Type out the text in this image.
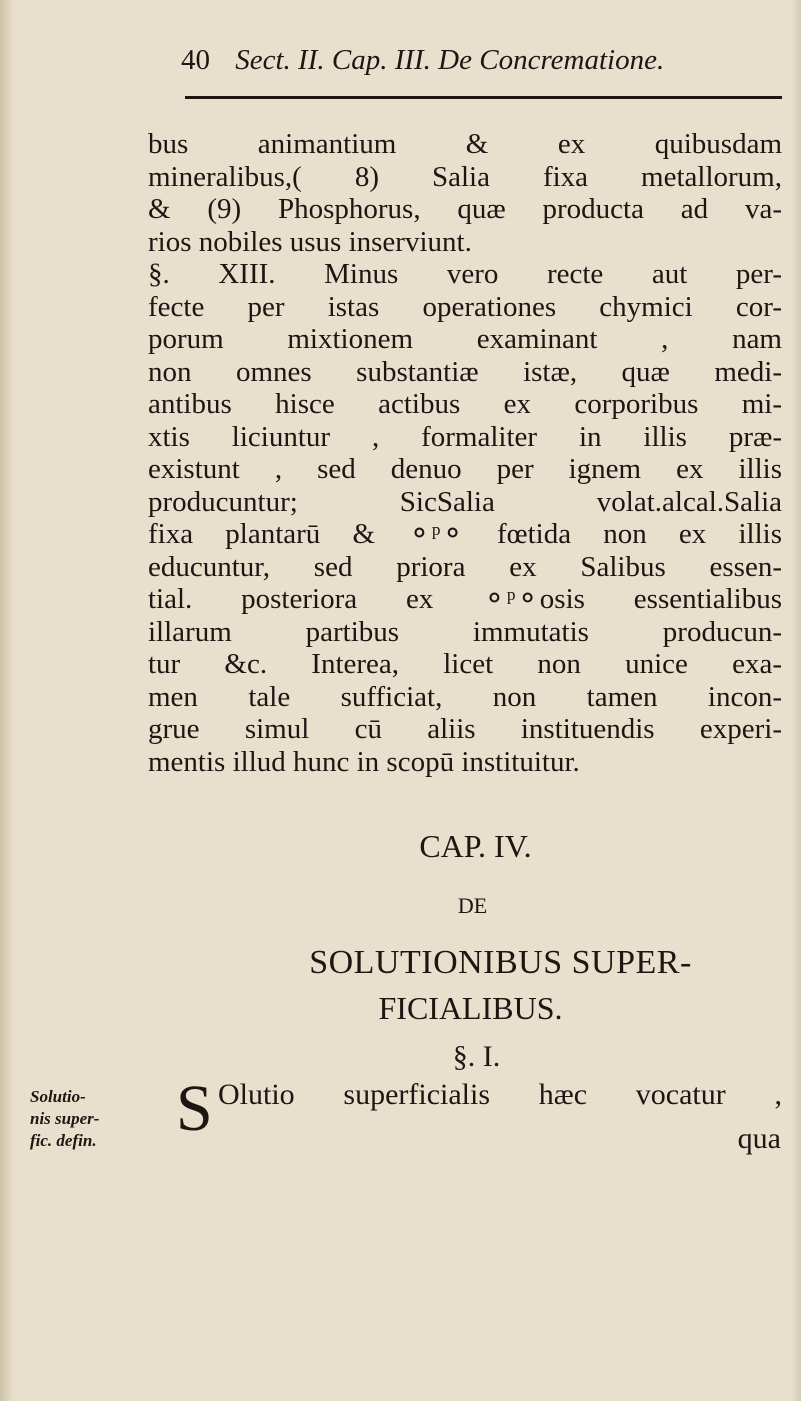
40 Sect. II. Cap. III. De Concrematione.
bus animantium & ex quibusdam
mineralibus,( 8) Salia fixa metallorum,
& (9) Phosphorus, quæ producta ad va-
rios nobiles usus inserviunt.
§. XIII. Minus vero recte aut per-
fecte per istas operationes chymici cor-
porum mixtionem examinant , nam
non omnes substantiæ istæ, quæ medi-
antibus hisce actibus ex corporibus mi-
xtis liciuntur , formaliter in illis præ-
existunt , sed denuo per ignem ex illis
producuntur; SicSalia volat.alcal.Salia
fixa plantarū & ⚬ᵖ⚬ fœtida non ex illis
educuntur, sed priora ex Salibus essen-
tial. posteriora ex ⚬ᵖ⚬osis essentialibus
illarum partibus immutatis producun-
tur &c. Interea, licet non unice exa-
men tale sufficiat, non tamen incon-
grue simul cū aliis instituendis experi-
mentis illud hunc in scopū instituitur.
CAP. IV.
DE
SOLUTIONIBUS SUPER-
FICIALIBUS.
§. I.
Solutio-
nis super-
fic. defin.	S Olutio superficialis hæc vocatur ,
qua
